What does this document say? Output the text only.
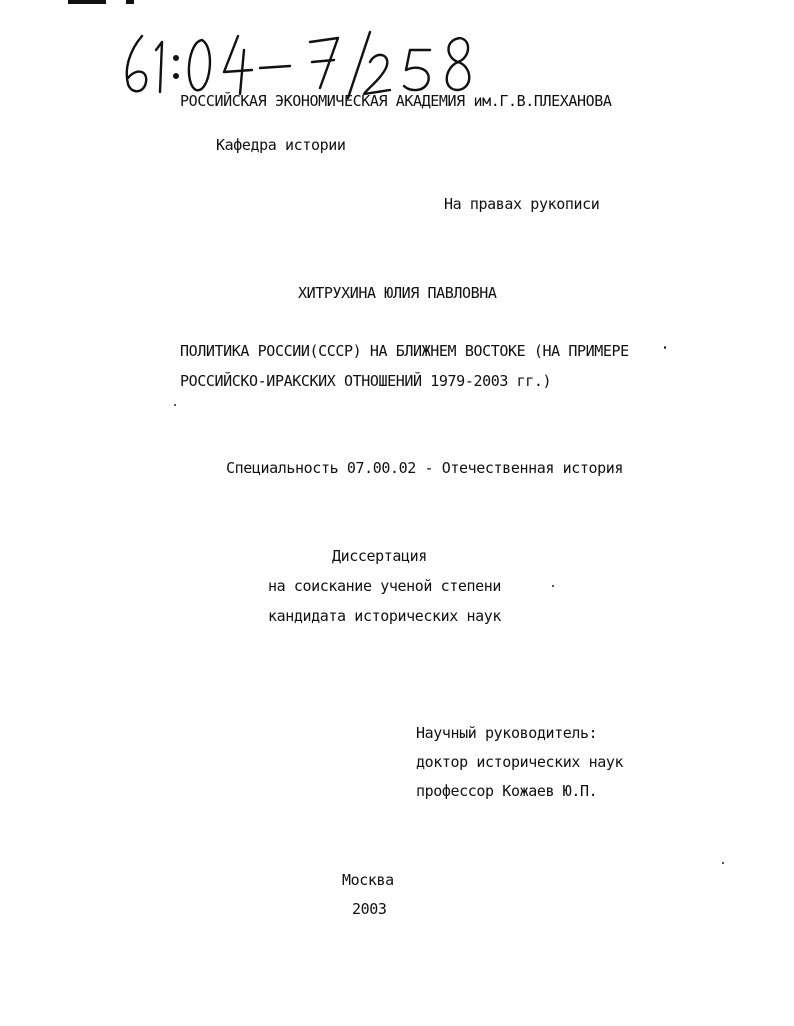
РОССИЙСКАЯ ЭКОНОМИЧЕСКАЯ АКАДЕМИЯ им.Г.В.ПЛЕХАНОВА
Кафедра истории
На правах рукописи
ХИТРУХИНА ЮЛИЯ ПАВЛОВНА
ПОЛИТИКА РОССИИ(СССР) НА БЛИЖНЕМ ВОСТОКЕ (НА ПРИМЕРЕ
РОССИЙСКО-ИРАКСКИХ ОТНОШЕНИЙ 1979-2003 гг.)
Специальность 07.00.02 - Отечественная история
Диссертация
на соискание ученой степени
кандидата исторических наук
Научный руководитель:
доктор исторических наук
профессор Кожаев Ю.П.
Москва
2003
